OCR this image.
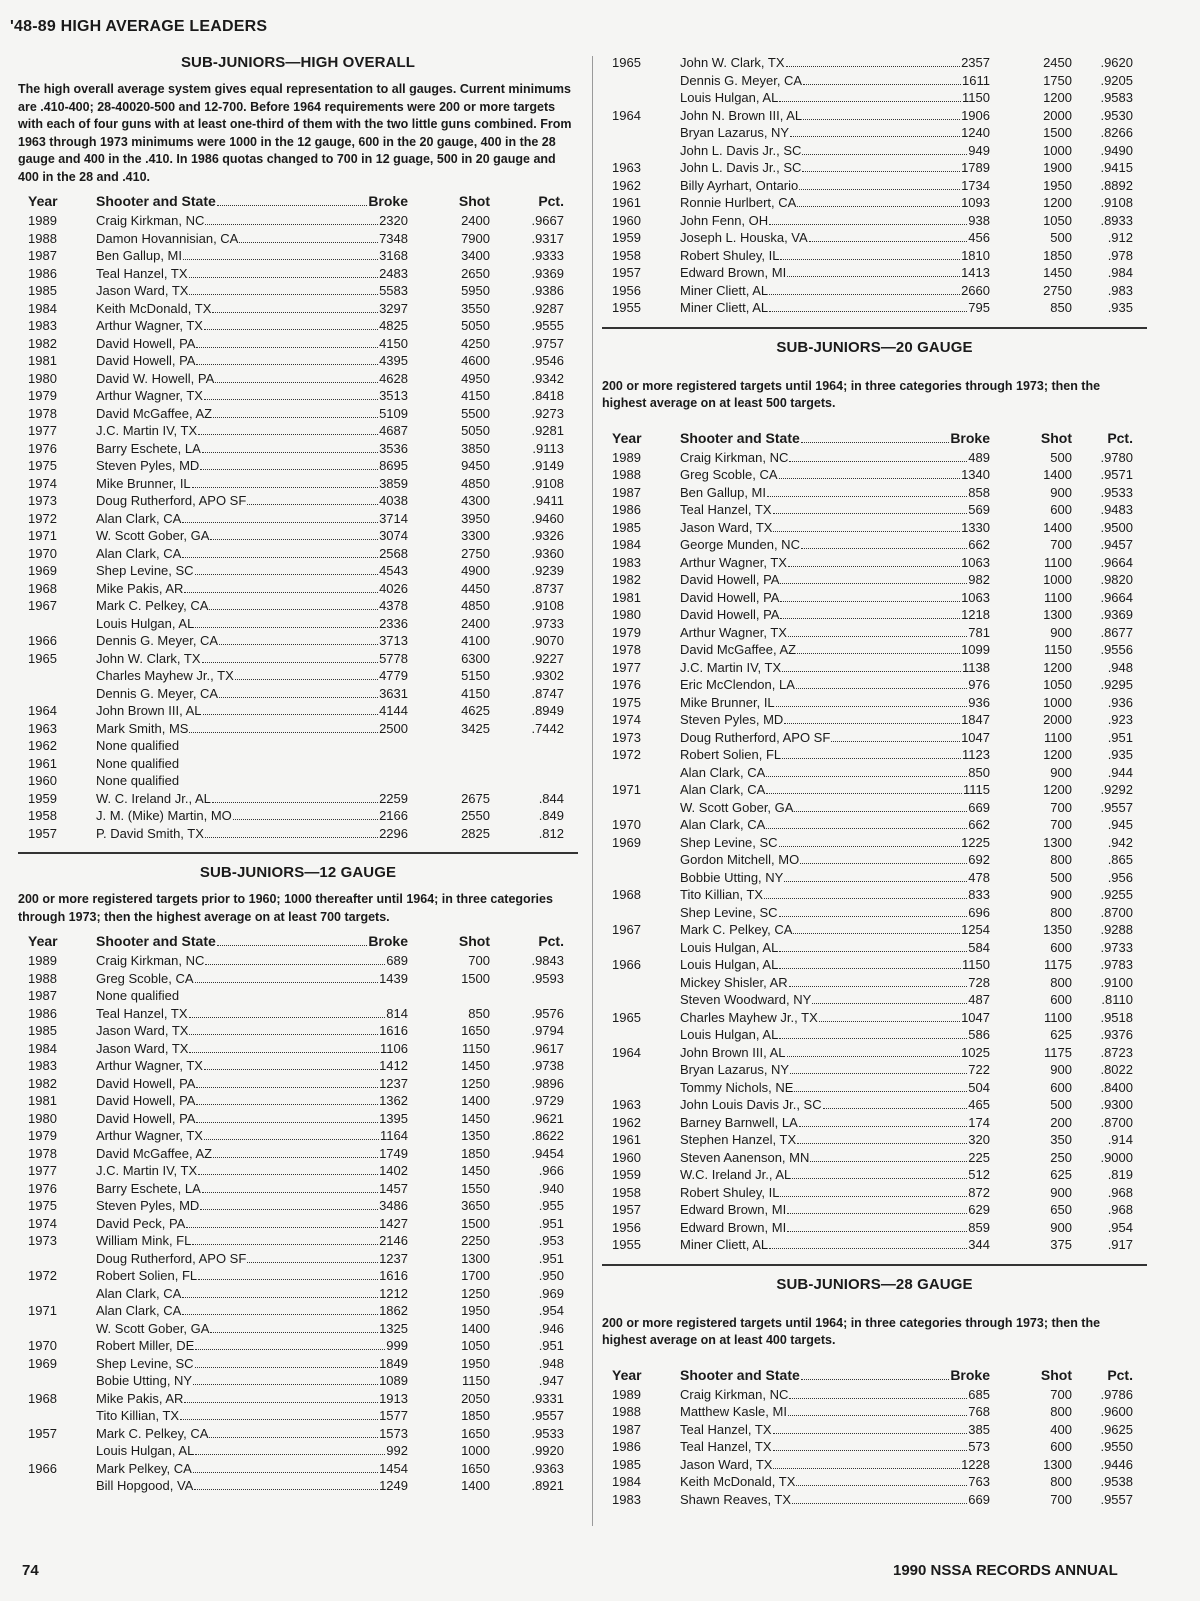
'48-89 HIGH AVERAGE LEADERS
SUB-JUNIORS—HIGH OVERALL
The high overall average system gives equal representation to all gauges. Current minimums are .410-400; 28-40020-500 and 12-700. Before 1964 requirements were 200 or more targets with each of four guns with at least one-third of them with the two little guns combined. From 1963 through 1973 minimums were 1000 in the 12 gauge, 600 in the 20 gauge, 400 in the 28 gauge and 400 in the .410. In 1986 quotas changed to 700 in 12 guage, 500 in 20 gauge and 400 in the 28 and .410.
Year	Shooter and State Broke	Shot	Pct.
1989	Craig Kirkman, NC 2320	2400	.9667
1988	Damon Hovannisian, CA 7348	7900	.9317
1987	Ben Gallup, MI 3168	3400	.9333
1986	Teal Hanzel, TX 2483	2650	.9369
1985	Jason Ward, TX 5583	5950	.9386
1984	Keith McDonald, TX 3297	3550	.9287
1983	Arthur Wagner, TX 4825	5050	.9555
1982	David Howell, PA 4150	4250	.9757
1981	David Howell, PA 4395	4600	.9546
1980	David W. Howell, PA 4628	4950	.9342
1979	Arthur Wagner, TX 3513	4150	.8418
1978	David McGaffee, AZ 5109	5500	.9273
1977	J.C. Martin IV, TX 4687	5050	.9281
1976	Barry Eschete, LA 3536	3850	.9113
1975	Steven Pyles, MD 8695	9450	.9149
1974	Mike Brunner, IL 3859	4850	.9108
1973	Doug Rutherford, APO SF 4038	4300	.9411
1972	Alan Clark, CA 3714	3950	.9460
1971	W. Scott Gober, GA 3074	3300	.9326
1970	Alan Clark, CA 2568	2750	.9360
1969	Shep Levine, SC 4543	4900	.9239
1968	Mike Pakis, AR 4026	4450	.8737
1967	Mark C. Pelkey, CA 4378	4850	.9108

	Louis Hulgan, AL 2336	2400	.9733
1966	Dennis G. Meyer, CA 3713	4100	.9070
1965	John W. Clark, TX 5778	6300	.9227

	Charles Mayhew Jr., TX 4779	5150	.9302

	Dennis G. Meyer, CA 3631	4150	.8747
1964	John Brown III, AL 4144	4625	.8949
1963	Mark Smith, MS 2500	3425	.7442
1962	None qualified		

1961	None qualified		

1960	None qualified		

1959	W. C. Ireland Jr., AL 2259	2675	.844
1958	J. M. (Mike) Martin, MO 2166	2550	.849
1957	P. David Smith, TX 2296	2825	.812
SUB-JUNIORS—12 GAUGE
200 or more registered targets prior to 1960; 1000 thereafter until 1964; in three categories through 1973; then the highest average on at least 700 targets.
Year	Shooter and State Broke	Shot	Pct.
1989	Craig Kirkman, NC 689	700	.9843
1988	Greg Scoble, CA 1439	1500	.9593
1987	None qualified		

1986	Teal Hanzel, TX 814	850	.9576
1985	Jason Ward, TX 1616	1650	.9794
1984	Jason Ward, TX 1106	1150	.9617
1983	Arthur Wagner, TX 1412	1450	.9738
1982	David Howell, PA 1237	1250	.9896
1981	David Howell, PA 1362	1400	.9729
1980	David Howell, PA 1395	1450	.9621
1979	Arthur Wagner, TX 1164	1350	.8622
1978	David McGaffee, AZ 1749	1850	.9454
1977	J.C. Martin IV, TX 1402	1450	.966
1976	Barry Eschete, LA 1457	1550	.940
1975	Steven Pyles, MD 3486	3650	.955
1974	David Peck, PA 1427	1500	.951
1973	William Mink, FL 2146	2250	.953

	Doug Rutherford, APO SF 1237	1300	.951
1972	Robert Solien, FL 1616	1700	.950

	Alan Clark, CA 1212	1250	.969
1971	Alan Clark, CA 1862	1950	.954

	W. Scott Gober, GA 1325	1400	.946
1970	Robert Miller, DE 999	1050	.951
1969	Shep Levine, SC 1849	1950	.948

	Bobie Utting, NY 1089	1150	.947
1968	Mike Pakis, AR 1913	2050	.9331

	Tito Killian, TX 1577	1850	.9557
1957	Mark C. Pelkey, CA 1573	1650	.9533

	Louis Hulgan, AL 992	1000	.9920
1966	Mark Pelkey, CA 1454	1650	.9363

	Bill Hopgood, VA 1249	1400	.8921
1965	John W. Clark, TX 2357	2450	.9620

	Dennis G. Meyer, CA 1611	1750	.9205

	Louis Hulgan, AL 1150	1200	.9583
1964	John N. Brown III, AL 1906	2000	.9530

	Bryan Lazarus, NY 1240	1500	.8266

	John L. Davis Jr., SC 949	1000	.9490
1963	John L. Davis Jr., SC 1789	1900	.9415
1962	Billy Ayrhart, Ontario 1734	1950	.8892
1961	Ronnie Hurlbert, CA 1093	1200	.9108
1960	John Fenn, OH 938	1050	.8933
1959	Joseph L. Houska, VA 456	500	.912
1958	Robert Shuley, IL 1810	1850	.978
1957	Edward Brown, MI 1413	1450	.984
1956	Miner Cliett, AL 2660	2750	.983
1955	Miner Cliett, AL 795	850	.935
SUB-JUNIORS—20 GAUGE
200 or more registered targets until 1964; in three categories through 1973; then the highest average on at least 500 targets.
Year	Shooter and State Broke	Shot	Pct.
1989	Craig Kirkman, NC 489	500	.9780
1988	Greg Scoble, CA 1340	1400	.9571
1987	Ben Gallup, MI 858	900	.9533
1986	Teal Hanzel, TX 569	600	.9483
1985	Jason Ward, TX 1330	1400	.9500
1984	George Munden, NC 662	700	.9457
1983	Arthur Wagner, TX 1063	1100	.9664
1982	David Howell, PA 982	1000	.9820
1981	David Howell, PA 1063	1100	.9664
1980	David Howell, PA 1218	1300	.9369
1979	Arthur Wagner, TX 781	900	.8677
1978	David McGaffee, AZ 1099	1150	.9556
1977	J.C. Martin IV, TX 1138	1200	.948
1976	Eric McClendon, LA 976	1050	.9295
1975	Mike Brunner, IL 936	1000	.936
1974	Steven Pyles, MD 1847	2000	.923
1973	Doug Rutherford, APO SF 1047	1100	.951
1972	Robert Solien, FL 1123	1200	.935

	Alan Clark, CA 850	900	.944
1971	Alan Clark, CA 1115	1200	.9292

	W. Scott Gober, GA 669	700	.9557
1970	Alan Clark, CA 662	700	.945
1969	Shep Levine, SC 1225	1300	.942

	Gordon Mitchell, MO 692	800	.865

	Bobbie Utting, NY 478	500	.956
1968	Tito Killian, TX 833	900	.9255

	Shep Levine, SC 696	800	.8700
1967	Mark C. Pelkey, CA 1254	1350	.9288

	Louis Hulgan, AL 584	600	.9733
1966	Louis Hulgan, AL 1150	1175	.9783

	Mickey Shisler, AR 728	800	.9100

	Steven Woodward, NY 487	600	.8110
1965	Charles Mayhew Jr., TX 1047	1100	.9518

	Louis Hulgan, AL 586	625	.9376
1964	John Brown III, AL 1025	1175	.8723

	Bryan Lazarus, NY 722	900	.8022

	Tommy Nichols, NE 504	600	.8400
1963	John Louis Davis Jr., SC 465	500	.9300
1962	Barney Barnwell, LA 174	200	.8700
1961	Stephen Hanzel, TX 320	350	.914
1960	Steven Aanenson, MN 225	250	.9000
1959	W.C. Ireland Jr., AL 512	625	.819
1958	Robert Shuley, IL 872	900	.968
1957	Edward Brown, MI 629	650	.968
1956	Edward Brown, MI 859	900	.954
1955	Miner Cliett, AL 344	375	.917
SUB-JUNIORS—28 GAUGE
200 or more registered targets until 1964; in three categories through 1973; then the highest average on at least 400 targets.
Year	Shooter and State Broke	Shot	Pct.
1989	Craig Kirkman, NC 685	700	.9786
1988	Matthew Kasle, MI 768	800	.9600
1987	Teal Hanzel, TX 385	400	.9625
1986	Teal Hanzel, TX 573	600	.9550
1985	Jason Ward, TX 1228	1300	.9446
1984	Keith McDonald, TX 763	800	.9538
1983	Shawn Reaves, TX 669	700	.9557
74	1990 NSSA RECORDS ANNUAL
